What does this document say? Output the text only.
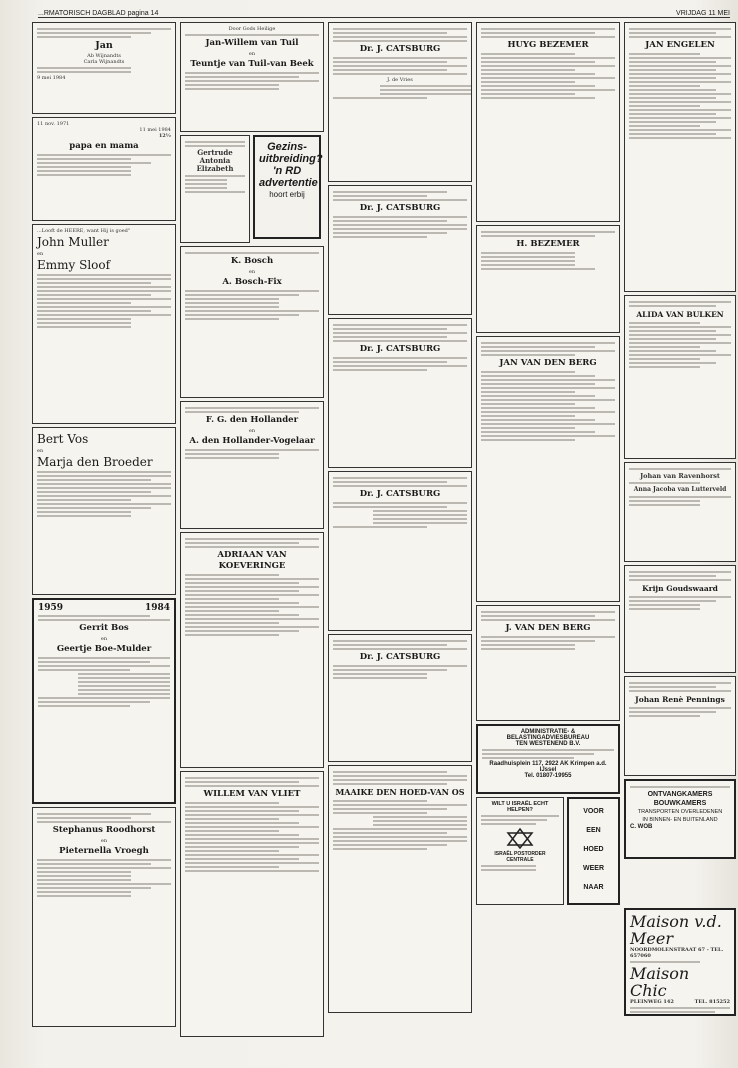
...RMATORISCH DAGBLAD pagina 14	VRIJDAG 11 MEI
Jan
Ab Wijnandts
Carla Wijnandts
9 mei 1984
11 nov. 1971
11 mei 1984
12½
papa en mama
...Looft de HEERE, want Hij is goed"
John Muller
en
Emmy Sloof
Bert Vos
en
Marja den Broeder
1959	1984
Gerrit Bos
en
Geertje Boe-Mulder
Stephanus Roodhorst
en
Pieternella Vroegh
Door Gods Heilige
Jan-Willem van Tuil
en
Teuntje van Tuil-van Beek
Gertrude Antonia Elizabeth
Gezins-
uitbreiding?
'n RD
advertentie
hoort erbij
K. Bosch
en
A. Bosch-Fix
F. G. den Hollander
en
A. den Hollander-Vogelaar
ADRIAAN VAN KOEVERINGE
WILLEM VAN VLIET
Dr. J. CATSBURG
J. de Vries
Dr. J. CATSBURG
Dr. J. CATSBURG
Dr. J. CATSBURG
Dr. J. CATSBURG
MAAIKE DEN HOED-VAN OS
HUYG BEZEMER
H. BEZEMER
JAN VAN DEN BERG
J. VAN DEN BERG
ADMINISTRATIE- & BELASTINGADVIESBUREAU
TEN WESTENEND B.V.
Raadhuisplein 117, 2922 AK Krimpen a.d. IJssel
Tel. 01807-19955
WILT U ISRAËL ECHT HELPEN?
ISRAËL POSTORDER CENTRALE
VOOR
EEN
HOED
WEER
NAAR
JAN ENGELEN
ALIDA VAN BULKEN
Johan van Ravenhorst
Anna Jacoba van Lutterveld
Krijn Goudswaard
Johan Renè Pennings
ONTVANGKAMERS
BOUWKAMERS
TRANSPORTEN OVERLEDENEN
IN BINNEN- EN BUITENLAND
C. WOB
Maison v.d. Meer
NOORDMOLENSTRAAT 67 - TEL. 657060
Maison Chic
PLEINWEG 142	TEL. 815252
